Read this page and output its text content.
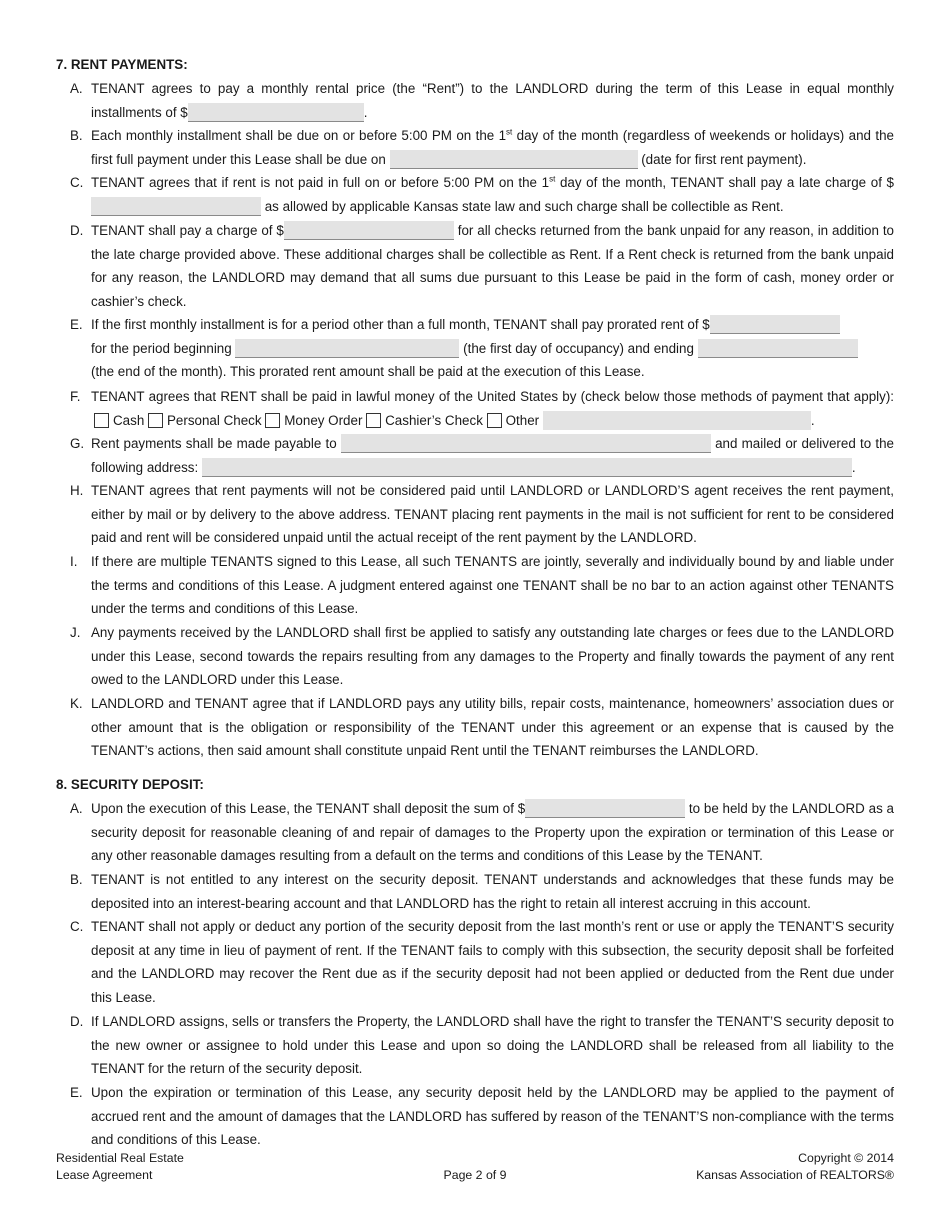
7. RENT PAYMENTS:
A. TENANT agrees to pay a monthly rental price (the “Rent”) to the LANDLORD during the term of this Lease in equal monthly installments of $	.
B. Each monthly installment shall be due on or before 5:00 PM on the 1st day of the month (regardless of weekends or holidays) and the first full payment under this Lease shall be due on	(date for first rent payment).
C. TENANT agrees that if rent is not paid in full on or before 5:00 PM on the 1st day of the month, TENANT shall pay a late charge of $ as allowed by applicable Kansas state law and such charge shall be collectible as Rent.
D. TENANT shall pay a charge of $	for all checks returned from the bank unpaid for any reason, in addition to the late charge provided above. These additional charges shall be collectible as Rent. If a Rent check is returned from the bank unpaid for any reason, the LANDLORD may demand that all sums due pursuant to this Lease be paid in the form of cash, money order or cashier’s check.
E. If the first monthly installment is for a period other than a full month, TENANT shall pay prorated rent of $
for the period beginning	(the first day of occupancy) and ending
(the end of the month). This prorated rent amount shall be paid at the execution of this Lease.
F. TENANT agrees that RENT shall be paid in lawful money of the United States by (check below those methods of payment that apply): Cash Personal Check Money Order Cashier’s Check Other	.
G. Rent payments shall be made payable to	and mailed or delivered to the following address:	.
H. TENANT agrees that rent payments will not be considered paid until LANDLORD or LANDLORD’S agent receives the rent payment, either by mail or by delivery to the above address. TENANT placing rent payments in the mail is not sufficient for rent to be considered paid and rent will be considered unpaid until the actual receipt of the rent payment by the LANDLORD.
I. If there are multiple TENANTS signed to this Lease, all such TENANTS are jointly, severally and individually bound by and liable under the terms and conditions of this Lease. A judgment entered against one TENANT shall be no bar to an action against other TENANTS under the terms and conditions of this Lease.
J. Any payments received by the LANDLORD shall first be applied to satisfy any outstanding late charges or fees due to the LANDLORD under this Lease, second towards the repairs resulting from any damages to the Property and finally towards the payment of any rent owed to the LANDLORD under this Lease.
K. LANDLORD and TENANT agree that if LANDLORD pays any utility bills, repair costs, maintenance, homeowners’ association dues or other amount that is the obligation or responsibility of the TENANT under this agreement or an expense that is caused by the TENANT’s actions, then said amount shall constitute unpaid Rent until the TENANT reimburses the LANDLORD.
8. SECURITY DEPOSIT:
A. Upon the execution of this Lease, the TENANT shall deposit the sum of $	to be held by the LANDLORD as a security deposit for reasonable cleaning of and repair of damages to the Property upon the expiration or termination of this Lease or any other reasonable damages resulting from a default on the terms and conditions of this Lease by the TENANT.
B. TENANT is not entitled to any interest on the security deposit. TENANT understands and acknowledges that these funds may be deposited into an interest-bearing account and that LANDLORD has the right to retain all interest accruing in this account.
C. TENANT shall not apply or deduct any portion of the security deposit from the last month’s rent or use or apply the TENANT’S security deposit at any time in lieu of payment of rent. If the TENANT fails to comply with this subsection, the security deposit shall be forfeited and the LANDLORD may recover the Rent due as if the security deposit had not been applied or deducted from the Rent due under this Lease.
D. If LANDLORD assigns, sells or transfers the Property, the LANDLORD shall have the right to transfer the TENANT’S security deposit to the new owner or assignee to hold under this Lease and upon so doing the LANDLORD shall be released from all liability to the TENANT for the return of the security deposit.
E. Upon the expiration or termination of this Lease, any security deposit held by the LANDLORD may be applied to the payment of accrued rent and the amount of damages that the LANDLORD has suffered by reason of the TENANT’S non-compliance with the terms and conditions of this Lease.
Residential Real Estate
Lease Agreement	Page 2 of 9
Copyright © 2014
Kansas Association of REALTORS®
